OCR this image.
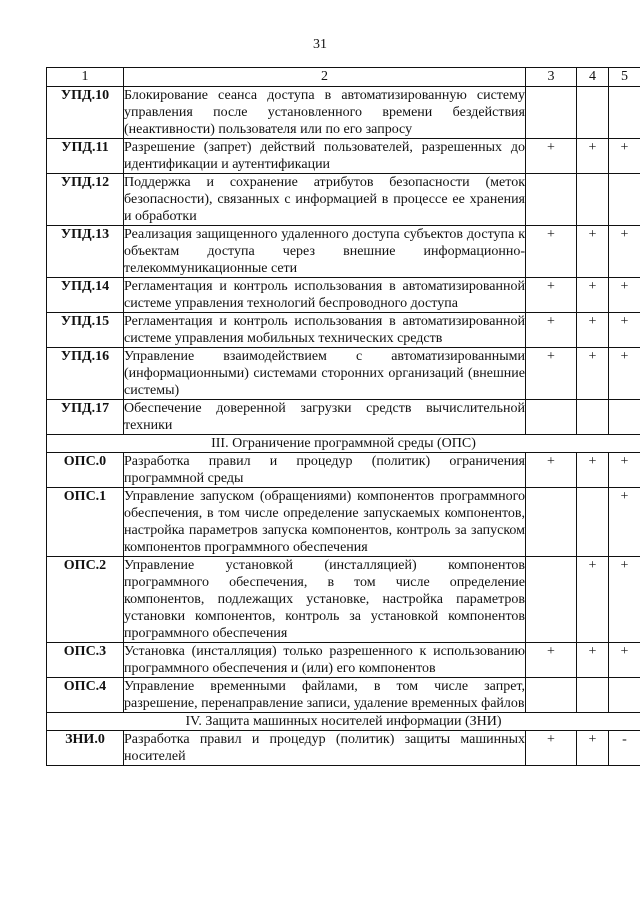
31
1	2	3	4	5
УПД.10	Блокирование сеанса доступа в автоматизированную систему управления после установленного времени бездействия (неактивности) пользователя или по его запросу			
УПД.11	Разрешение (запрет) действий пользователей, разрешенных до идентификации и аутентификации	+	+	+
УПД.12	Поддержка и сохранение атрибутов безопасности (меток безопасности), связанных с информацией в процессе ее хранения и обработки			
УПД.13	Реализация защищенного удаленного доступа субъектов доступа к объектам доступа через внешние информационно-телекоммуникационные сети	+	+	+
УПД.14	Регламентация и контроль использования в автоматизированной системе управления технологий беспроводного доступа	+	+	+
УПД.15	Регламентация и контроль использования в автоматизированной системе управления мобильных технических средств	+	+	+
УПД.16	Управление взаимодействием с автоматизированными (информационными) системами сторонних организаций (внешние системы)	+	+	+
УПД.17	Обеспечение доверенной загрузки средств вычислительной техники			
III. Ограничение программной среды (ОПС)				
ОПС.0	Разработка правил и процедур (политик) ограничения программной среды	+	+	+
ОПС.1	Управление запуском (обращениями) компонентов программного обеспечения, в том числе определение запускаемых компонентов, настройка параметров запуска компонентов, контроль за запуском компонентов программного обеспечения			+
ОПС.2	Управление установкой (инсталляцией) компонентов программного обеспечения, в том числе определение компонентов, подлежащих установке, настройка параметров установки компонентов, контроль за установкой компонентов программного обеспечения		+	+
ОПС.3	Установка (инсталляция) только разрешенного к использованию программного обеспечения и (или) его компонентов	+	+	+
ОПС.4	Управление временными файлами, в том числе запрет, разрешение, перенаправление записи, удаление временных файлов			
IV. Защита машинных носителей информации (ЗНИ)				
ЗНИ.0	Разработка правил и процедур (политик) защиты машинных носителей	+	+	-
